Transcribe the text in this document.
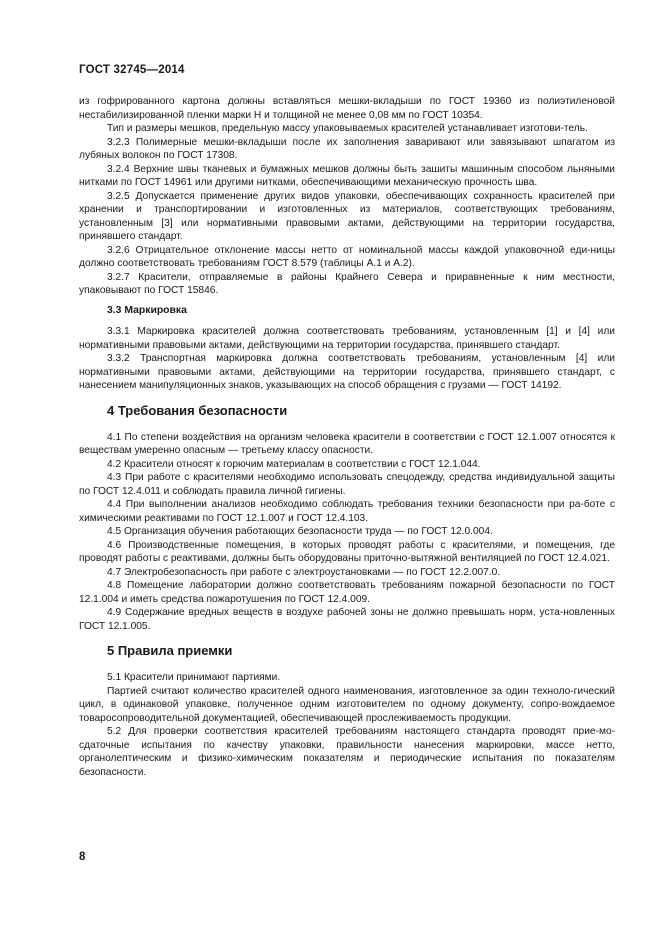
ГОСТ 32745—2014

из гофрированного картона должны вставляться мешки-вкладыши по ГОСТ 19360 из полиэтиленовой нестабилизированной пленки марки Н и толщиной не менее 0,08 мм по ГОСТ 10354.

Тип и размеры мешков, предельную массу упаковываемых красителей устанавливает изготови-тель.

3.2.3 Полимерные мешки-вкладыши после их заполнения заваривают или завязывают шпагатом из лубяных волокон по ГОСТ 17308.

3.2.4 Верхние швы тканевых и бумажных мешков должны быть зашиты машинным способом льняными нитками по ГОСТ 14961 или другими нитками, обеспечивающими механическую прочность шва.

3.2.5 Допускается применение других видов упаковки, обеспечивающих сохранность красителей при хранении и транспортировании и изготовленных из материалов, соответствующих требованиям, установленным [3] или нормативными правовыми актами, действующими на территории государства, принявшего стандарт.

3.2.6 Отрицательное отклонение массы нетто от номинальной массы каждой упаковочной еди-ницы должно соответствовать требованиям ГОСТ 8.579 (таблицы А.1 и А.2).

3.2.7 Красители, отправляемые в районы Крайнего Севера и приравненные к ним местности, упаковывают по ГОСТ 15846.

3.3 Маркировка

3.3.1 Маркировка красителей должна соответствовать требованиям, установленным [1] и [4] или нормативными правовыми актами, действующими на территории государства, принявшего стандарт.

3.3.2 Транспортная маркировка должна соответствовать требованиям, установленным [4] или нормативными правовыми актами, действующими на территории государства, принявшего стандарт, с нанесением манипуляционных знаков, указывающих на способ обращения с грузами — ГОСТ 14192.

4 Требования безопасности

4.1 По степени воздействия на организм человека красители в соответствии с ГОСТ 12.1.007 относятся к веществам умеренно опасным — третьему классу опасности.

4.2 Красители относят к горючим материалам в соответствии с ГОСТ 12.1.044.

4.3 При работе с красителями необходимо использовать спецодежду, средства индивидуальной защиты по ГОСТ 12.4.011 и соблюдать правила личной гигиены.

4.4 При выполнении анализов необходимо соблюдать требования техники безопасности при ра-боте с химическими реактивами по ГОСТ 12.1.007 и ГОСТ 12.4.103.

4.5 Организация обучения работающих безопасности труда — по ГОСТ 12.0.004.

4.6 Производственные помещения, в которых проводят работы с красителями, и помещения, где проводят работы с реактивами, должны быть оборудованы приточно-вытяжной вентиляцией по ГОСТ 12.4.021.

4.7 Электробезопасность при работе с электроустановками — по ГОСТ 12.2.007.0.

4.8 Помещение лаборатории должно соответствовать требованиям пожарной безопасности по ГОСТ 12.1.004 и иметь средства пожаротушения по ГОСТ 12.4.009.

4.9 Содержание вредных веществ в воздухе рабочей зоны не должно превышать норм, уста-новленных ГОСТ 12.1.005.

5 Правила приемки

5.1 Красители принимают партиями.

Партией считают количество красителей одного наименования, изготовленное за один техноло-гический цикл, в одинаковой упаковке, полученное одним изготовителем по одному документу, сопро-вождаемое товаросопроводительной документацией, обеспечивающей прослеживаемость продукции.

5.2 Для проверки соответствия красителей требованиям настоящего стандарта проводят прие-мо-сдаточные испытания по качеству упаковки, правильности нанесения маркировки, массе нетто, органолептическим и физико-химическим показателям и периодические испытания по показателям безопасности.

8
